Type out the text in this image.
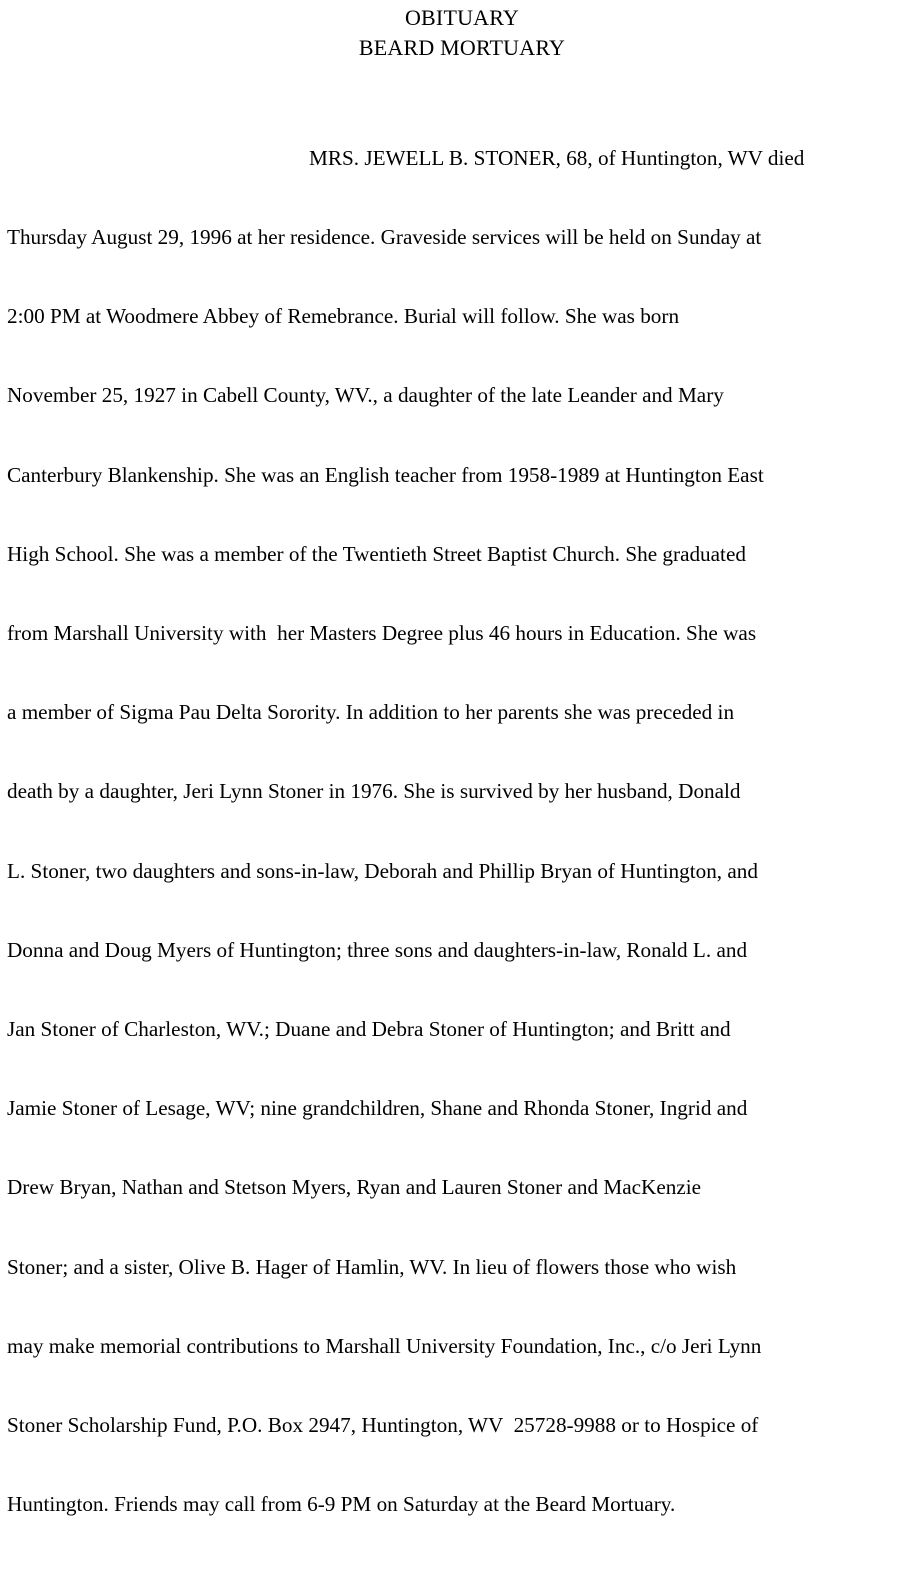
OBITUARY
BEARD MORTUARY

MRS. JEWELL B. STONER, 68, of Huntington, WV died

Thursday August 29, 1996 at her residence. Graveside services will be held on Sunday at

2:00 PM at Woodmere Abbey of Remebrance. Burial will follow. She was born

November 25, 1927 in Cabell County, WV., a daughter of the late Leander and Mary

Canterbury Blankenship. She was an English teacher from 1958-1989 at Huntington East

High School. She was a member of the Twentieth Street Baptist Church. She graduated

from Marshall University with  her Masters Degree plus 46 hours in Education. She was

a member of Sigma Pau Delta Sorority. In addition to her parents she was preceded in

death by a daughter, Jeri Lynn Stoner in 1976. She is survived by her husband, Donald

L. Stoner, two daughters and sons-in-law, Deborah and Phillip Bryan of Huntington, and

Donna and Doug Myers of Huntington; three sons and daughters-in-law, Ronald L. and

Jan Stoner of Charleston, WV.; Duane and Debra Stoner of Huntington; and Britt and

Jamie Stoner of Lesage, WV; nine grandchildren, Shane and Rhonda Stoner, Ingrid and

Drew Bryan, Nathan and Stetson Myers, Ryan and Lauren Stoner and MacKenzie

Stoner; and a sister, Olive B. Hager of Hamlin, WV. In lieu of flowers those who wish

may make memorial contributions to Marshall University Foundation, Inc., c/o Jeri Lynn

Stoner Scholarship Fund, P.O. Box 2947, Huntington, WV  25728-9988 or to Hospice of

Huntington. Friends may call from 6-9 PM on Saturday at the Beard Mortuary.
